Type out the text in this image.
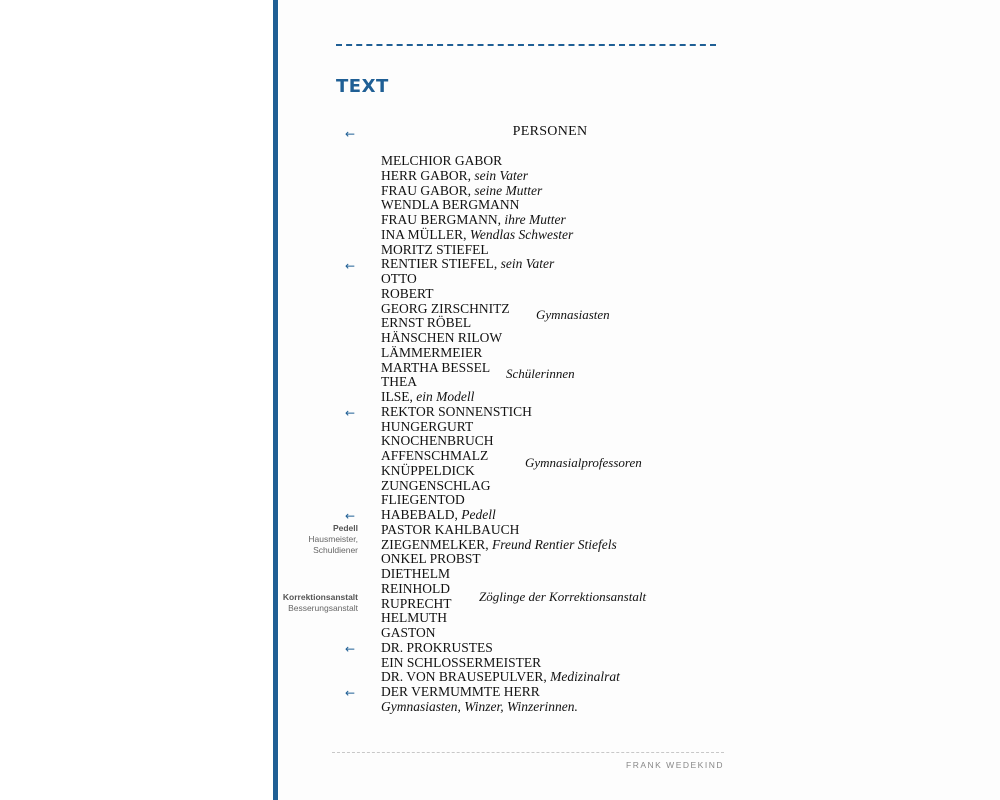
TEXT
←	PERSONEN
←
←
←
←
←
MELCHIOR GABOR
HERR GABOR, sein Vater
FRAU GABOR, seine Mutter
WENDLA BERGMANN
FRAU BERGMANN, ihre Mutter
INA MÜLLER, Wendlas Schwester
MORITZ STIEFEL
RENTIER STIEFEL, sein Vater
OTTO
ROBERT
GEORG ZIRSCHNITZ
ERNST RÖBEL
HÄNSCHEN RILOW
LÄMMERMEIER
MARTHA BESSEL
THEA
ILSE, ein Modell
REKTOR SONNENSTICH
HUNGERGURT
KNOCHENBRUCH
AFFENSCHMALZ
KNÜPPELDICK
ZUNGENSCHLAG
FLIEGENTOD
HABEBALD, Pedell
PASTOR KAHLBAUCH
ZIEGENMELKER, Freund Rentier Stiefels
ONKEL PROBST
DIETHELM
REINHOLD
RUPRECHT
HELMUTH
GASTON
DR. PROKRUSTES
EIN SCHLOSSERMEISTER
DR. VON BRAUSEPULVER, Medizinalrat
DER VERMUMMTE HERR
Gymnasiasten, Winzer, Winzerinnen.
Gymnasiasten
Schülerinnen
Gymnasialprofessoren
Zöglinge der Korrektionsanstalt
Pedell
Hausmeister,
Schuldiener
Korrektionsanstalt
Besserungsanstalt
FRANK WEDEKIND
